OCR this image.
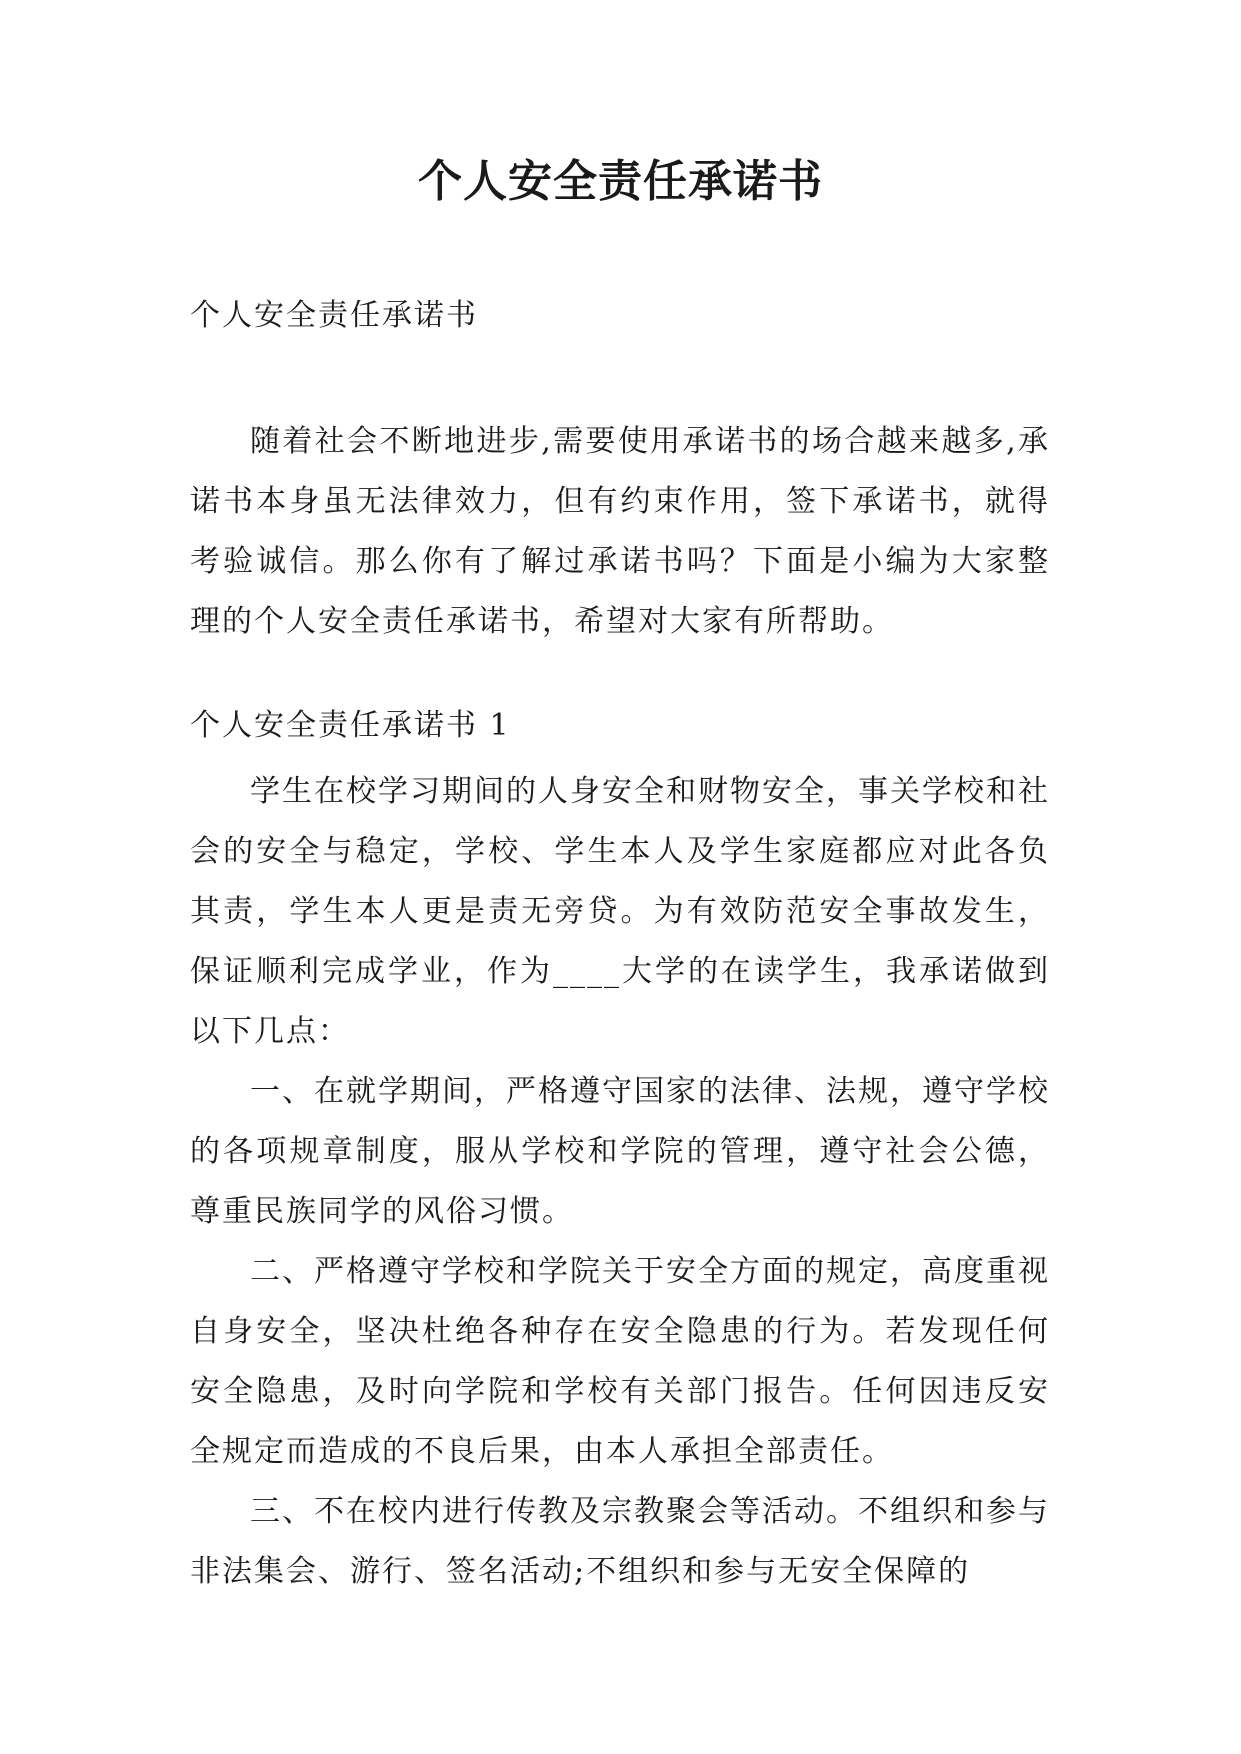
个人安全责任承诺书

个人安全责任承诺书

随着社会不断地进步,需要使用承诺书的场合越来越多,承诺书本身虽无法律效力，但有约束作用，签下承诺书，就得考验诚信。那么你有了解过承诺书吗？下面是小编为大家整理的个人安全责任承诺书，希望对大家有所帮助。

个人安全责任承诺书 1

学生在校学习期间的人身安全和财物安全，事关学校和社会的安全与稳定，学校、学生本人及学生家庭都应对此各负其责，学生本人更是责无旁贷。为有效防范安全事故发生，保证顺利完成学业，作为____大学的在读学生，我承诺做到以下几点：

一、在就学期间，严格遵守国家的法律、法规，遵守学校的各项规章制度，服从学校和学院的管理，遵守社会公德，尊重民族同学的风俗习惯。

二、严格遵守学校和学院关于安全方面的规定，高度重视自身安全，坚决杜绝各种存在安全隐患的行为。若发现任何安全隐患，及时向学院和学校有关部门报告。任何因违反安全规定而造成的不良后果，由本人承担全部责任。

三、不在校内进行传教及宗教聚会等活动。不组织和参与非法集会、游行、签名活动;不组织和参与无安全保障的
